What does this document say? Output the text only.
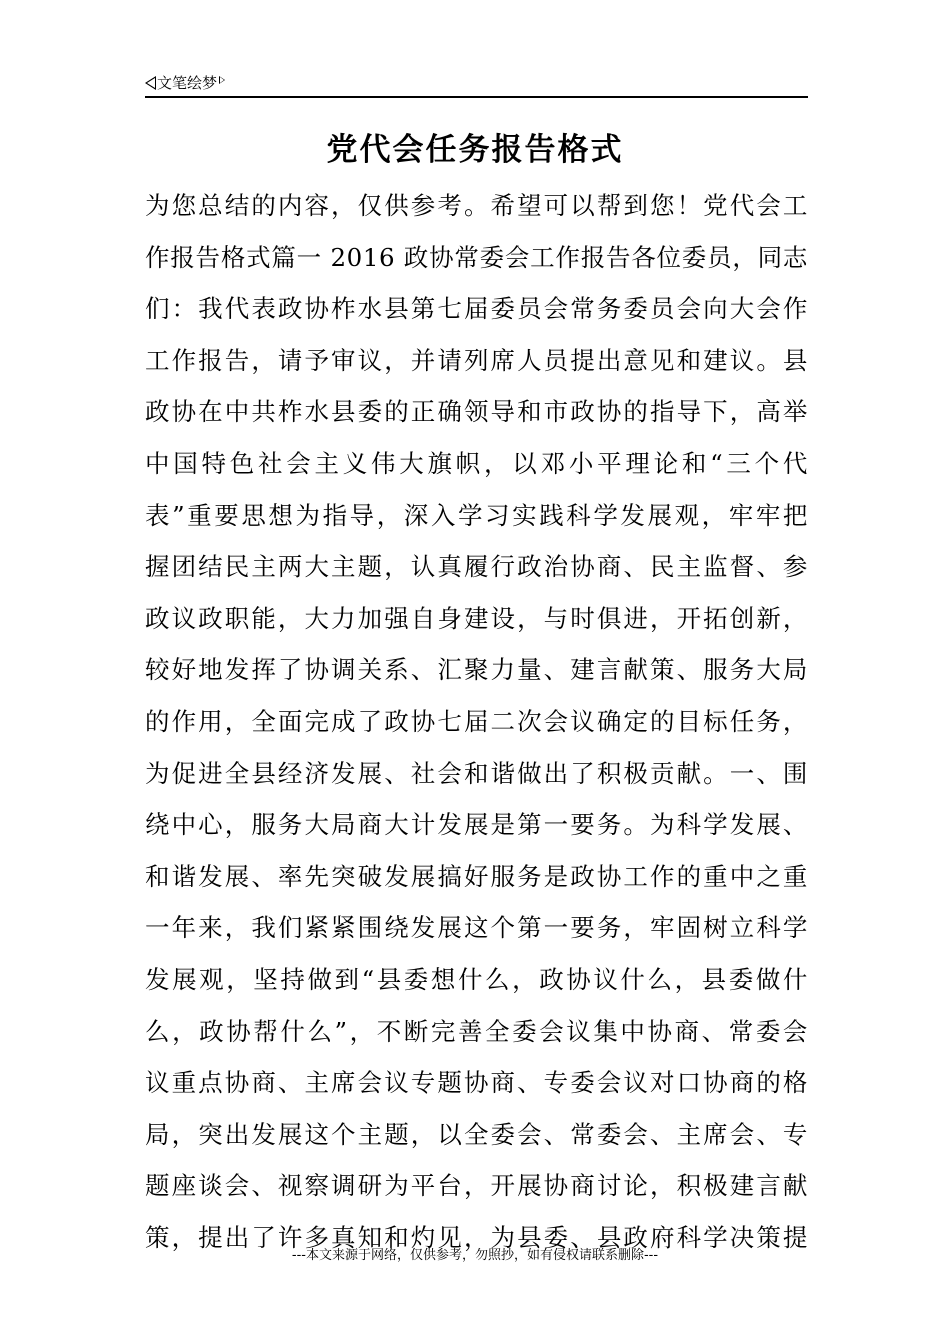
文笔绘梦
党代会任务报告格式
为您总结的内容，仅供参考。希望可以帮到您！党代会工
作报告格式篇一 2016 政协常委会工作报告各位委员，同志
们：我代表政协柞水县第七届委员会常务委员会向大会作
工作报告，请予审议，并请列席人员提出意见和建议。县
政协在中共柞水县委的正确领导和市政协的指导下，高举
中国特色社会主义伟大旗帜，以邓小平理论和“三个代
表”重要思想为指导，深入学习实践科学发展观，牢牢把
握团结民主两大主题，认真履行政治协商、民主监督、参
政议政职能，大力加强自身建设，与时俱进，开拓创新，
较好地发挥了协调关系、汇聚力量、建言献策、服务大局
的作用，全面完成了政协七届二次会议确定的目标任务，
为促进全县经济发展、社会和谐做出了积极贡献。一、围
绕中心，服务大局商大计发展是第一要务。为科学发展、
和谐发展、率先突破发展搞好服务是政协工作的重中之重
一年来，我们紧紧围绕发展这个第一要务，牢固树立科学
发展观，坚持做到“县委想什么，政协议什么，县委做什
么，政协帮什么”，不断完善全委会议集中协商、常委会
议重点协商、主席会议专题协商、专委会议对口协商的格
局，突出发展这个主题，以全委会、常委会、主席会、专
题座谈会、视察调研为平台，开展协商讨论，积极建言献
策，提出了许多真知和灼见，为县委、县政府科学决策提
---本文来源于网络，仅供参考，勿照抄，如有侵权请联系删除---
